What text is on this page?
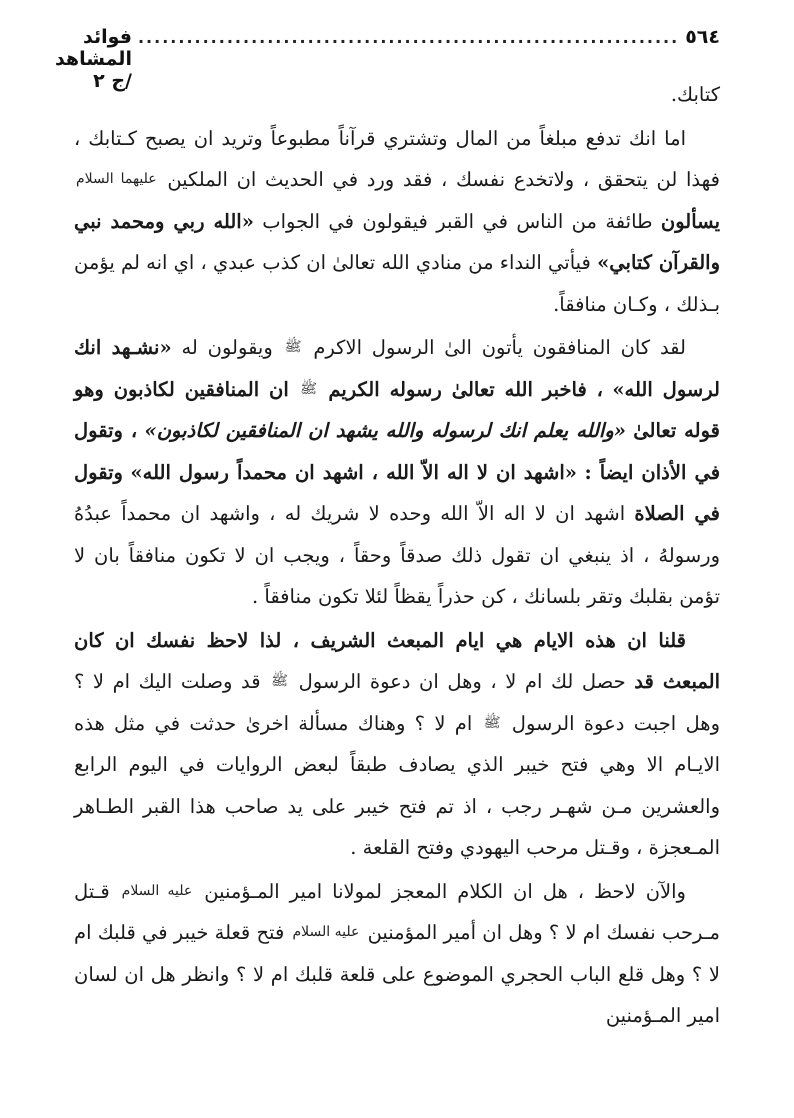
٥٦٤
...................................................................
فوائد المشاهد /ج ٢

كتابك.

اما انك تدفع مبلغاً من المال وتشتري قرآناً مطبوعاً وتريد ان يصبح كـتابك ، فهذا لن يتحقق ، ولاتخدع نفسك ، فقد ورد في الحديث ان الملكين عليهما السلام يسألون طائفة من الناس في القبر فيقولون في الجواب «الله ربي ومحمد نبي والقرآن كتابي» فيأتي النداء من منادي الله تعالىٰ ان كذب عبدي ، اي انه لم يؤمن بـذلك ، وكـان منافقاً.

لقد كان المنافقون يأتون الىٰ الرسول الاكرم ﷺ ويقولون له «نشـهد انك لرسول الله» ، فاخبر الله تعالىٰ رسوله الكريم ﷺ ان المنافقين لكاذبون وهو قوله تعالىٰ «والله يعلم انك لرسوله والله يشهد ان المنافقين لكاذبون» ، وتقول في الأذان ايضاً : «اشهد ان لا اله الاّ الله ، اشهد ان محمداً رسول الله» وتقول في الصلاة اشهد ان لا اله الاّ الله وحده لا شريك له ، واشهد ان محمداً عبدُهُ ورسولهُ ، اذ ينبغي ان تقول ذلك صدقاً وحقاً ، ويجب ان لا تكون منافقاً بان لا تؤمن بقلبك وتقر بلسانك ، كن حذراً يقظاً لئلا تكون منافقاً .

قلنا ان هذه الايام هي ايام المبعث الشريف ، لذا لاحظ نفسك ان كان المبعث قد حصل لك ام لا ، وهل ان دعوة الرسول ﷺ قد وصلت اليك ام لا ؟ وهل اجبت دعوة الرسول ﷺ ام لا ؟ وهناك مسألة اخرىٰ حدثت في مثل هذه الايـام الا وهي فتح خيبر الذي يصادف طبقاً لبعض الروايات في اليوم الرابع والعشرين مـن شهـر رجب ، اذ تم فتح خيبر على يد صاحب هذا القبر الطـاهر المـعجزة ، وقـتل مرحب اليهودي وفتح القلعة .

والآن لاحظ ، هل ان الكلام المعجز لمولانا امير المـؤمنين عليه السلام قـتل مـرحب نفسك ام لا ؟ وهل ان أمير المؤمنين عليه السلام فتح قعلة خيبر في قلبك ام لا ؟ وهل قلع الباب الحجري الموضوع على قلعة قلبك ام لا ؟ وانظر هل ان لسان امير المـؤمنين
